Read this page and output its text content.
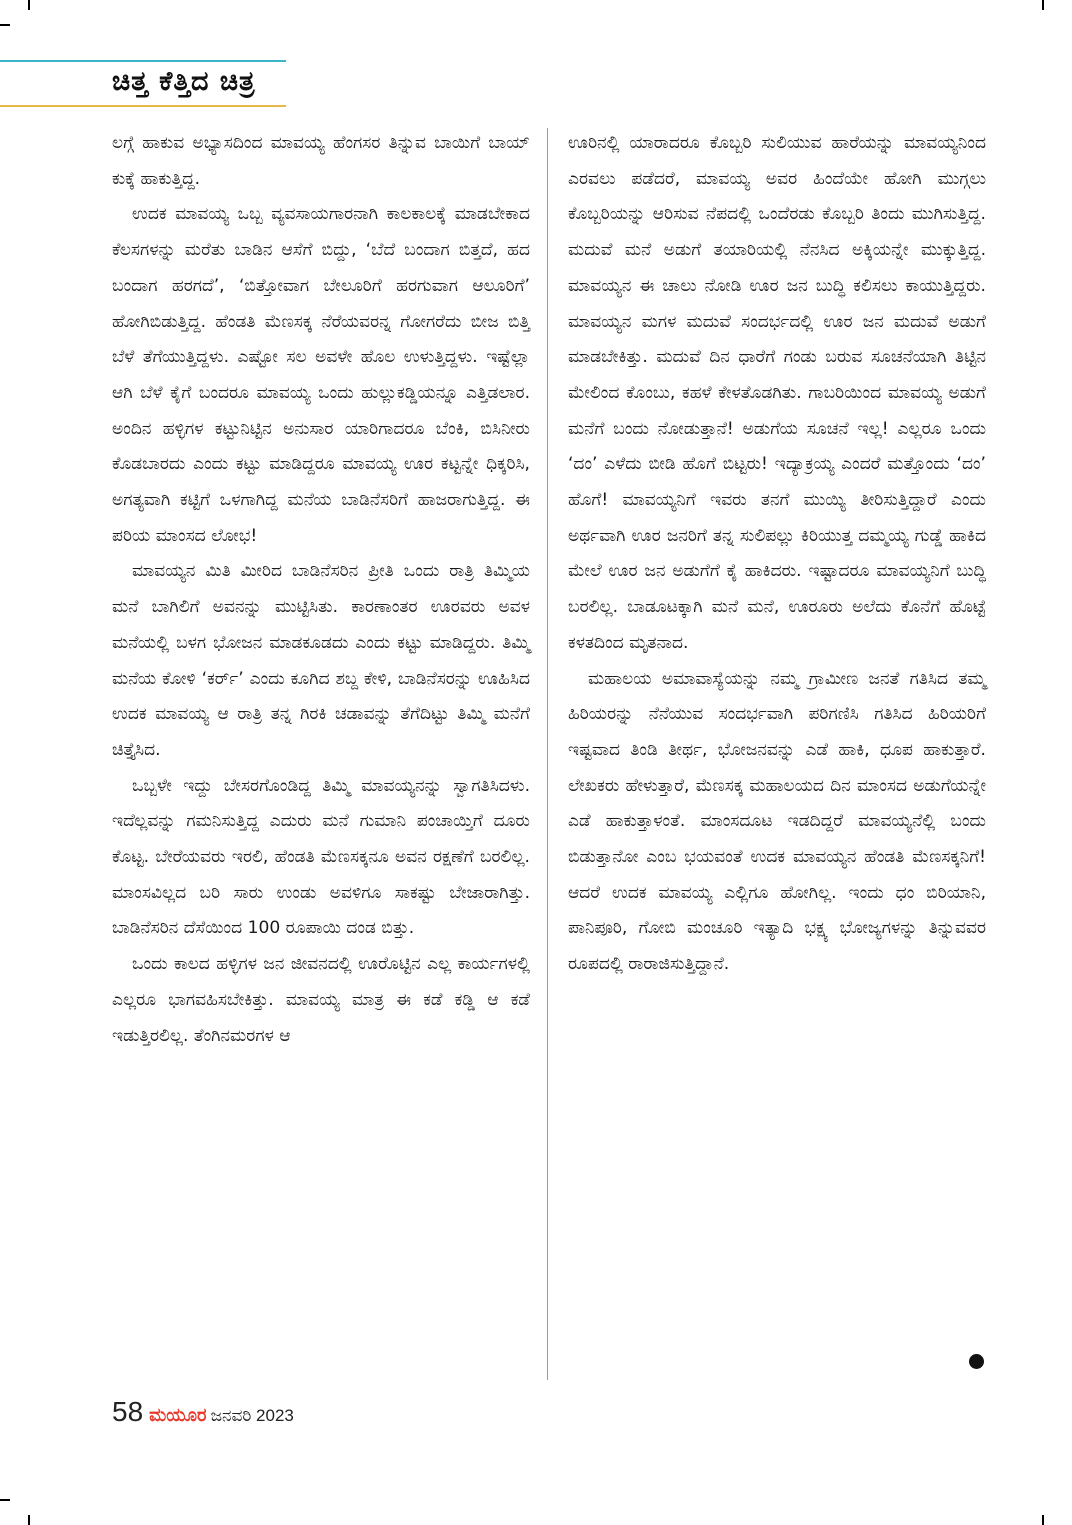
ಚಿತ್ತ ಕೆತ್ತಿದ ಚಿತ್ರ

ಲಗ್ಗೆ ಹಾಕುವ ಅಭ್ಯಾಸದಿಂದ ಮಾವಯ್ಯ ಹೆಂಗಸರ ತಿನ್ನುವ ಬಾಯಿಗೆ ಬಾಯ್ ಕುಕ್ಕೆ ಹಾಕುತ್ತಿದ್ದ.

ಉದಕ ಮಾವಯ್ಯ ಒಬ್ಬ ವ್ಯವಸಾಯಗಾರನಾಗಿ ಕಾಲಕಾಲಕ್ಕೆ ಮಾಡಬೇಕಾದ ಕೆಲಸಗಳನ್ನು ಮರೆತು ಬಾಡಿನ ಆಸೆಗೆ ಬಿದ್ದು, ‘ಬೆದೆ ಬಂದಾಗ ಬಿತ್ತದೆ, ಹದ ಬಂದಾಗ ಹರಗದೆ’, ‘ಬಿತ್ತೋವಾಗ ಬೇಲೂರಿಗೆ ಹರಗುವಾಗ ಆಲೂರಿಗೆ’ ಹೋಗಿಬಿಡುತ್ತಿದ್ದ. ಹೆಂಡತಿ ಮೆಣಸಕ್ಕ ನೆರೆಯವರನ್ನ ಗೋಗರೆದು ಬೀಜ ಬಿತ್ತಿ ಬೆಳೆ ತೆಗೆಯುತ್ತಿದ್ದಳು. ಎಷ್ಟೋ ಸಲ ಅವಳೇ ಹೊಲ ಉಳುತ್ತಿದ್ದಳು. ಇಷ್ಟೆಲ್ಲಾ ಆಗಿ ಬೆಳೆ ಕೈಗೆ ಬಂದರೂ ಮಾವಯ್ಯ ಒಂದು ಹುಲ್ಲುಕಡ್ಡಿಯನ್ನೂ ಎತ್ತಿಡಲಾರ. ಅಂದಿನ ಹಳ್ಳಿಗಳ ಕಟ್ಟುನಿಟ್ಟಿನ ಅನುಸಾರ ಯಾರಿಗಾದರೂ ಬೆಂಕಿ, ಬಿಸಿನೀರು ಕೊಡಬಾರದು ಎಂದು ಕಟ್ಟು ಮಾಡಿದ್ದರೂ ಮಾವಯ್ಯ ಊರ ಕಟ್ಟನ್ನೇ ಧಿಕ್ಕರಿಸಿ, ಅಗತ್ಯವಾಗಿ ಕಟ್ಟಿಗೆ ಒಳಗಾಗಿದ್ದ ಮನೆಯ ಬಾಡಿನೆಸರಿಗೆ ಹಾಜರಾಗುತ್ತಿದ್ದ. ಈ ಪರಿಯ ಮಾಂಸದ ಲೋಭ!

ಮಾವಯ್ಯನ ಮಿತಿ ಮೀರಿದ ಬಾಡಿನೆಸರಿನ ಪ್ರೀತಿ ಒಂದು ರಾತ್ರಿ ತಿಮ್ಮಿಯ ಮನೆ ಬಾಗಿಲಿಗೆ ಅವನನ್ನು ಮುಟ್ಟಿಸಿತು. ಕಾರಣಾಂತರ ಊರವರು ಅವಳ ಮನೆಯಲ್ಲಿ ಬಳಗ ಭೋಜನ ಮಾಡಕೂಡದು ಎಂದು ಕಟ್ಟು ಮಾಡಿದ್ದರು. ತಿಮ್ಮಿ ಮನೆಯ ಕೋಳಿ ‘ಕರ್ರ್’ ಎಂದು ಕೂಗಿದ ಶಬ್ದ ಕೇಳಿ, ಬಾಡಿನೆಸರನ್ನು ಊಹಿಸಿದ ಉದಕ ಮಾವಯ್ಯ ಆ ರಾತ್ರಿ ತನ್ನ ಗಿರಕಿ ಚಡಾವನ್ನು ತೆಗೆದಿಟ್ಟು ತಿಮ್ಮಿ ಮನೆಗೆ ಚಿತ್ತೈಸಿದ.

ಒಬ್ಬಳೇ ಇದ್ದು ಬೇಸರಗೊಂಡಿದ್ದ ತಿಮ್ಮಿ ಮಾವಯ್ಯನನ್ನು ಸ್ವಾಗತಿಸಿದಳು. ಇದೆಲ್ಲವನ್ನು ಗಮನಿಸುತ್ತಿದ್ದ ಎದುರು ಮನೆ ಗುಮಾನಿ ಪಂಚಾಯ್ತಿಗೆ ದೂರು ಕೊಟ್ಟ. ಬೇರೆಯವರು ಇರಲಿ, ಹೆಂಡತಿ ಮೆಣಸಕ್ಕನೂ ಅವನ ರಕ್ಷಣೆಗೆ ಬರಲಿಲ್ಲ. ಮಾಂಸವಿಲ್ಲದ ಬರಿ ಸಾರು ಉಂಡು ಅವಳಿಗೂ ಸಾಕಷ್ಟು ಬೇಜಾರಾಗಿತ್ತು. ಬಾಡಿನೆಸರಿನ ದೆಸೆಯಿಂದ 100 ರೂಪಾಯಿ ದಂಡ ಬಿತ್ತು.

ಒಂದು ಕಾಲದ ಹಳ್ಳಿಗಳ ಜನ ಜೀವನದಲ್ಲಿ ಊರೊಟ್ಟಿನ ಎಲ್ಲ ಕಾರ್ಯಗಳಲ್ಲಿ ಎಲ್ಲರೂ ಭಾಗವಹಿಸಬೇಕಿತ್ತು. ಮಾವಯ್ಯ ಮಾತ್ರ ಈ ಕಡೆ ಕಡ್ಡಿ ಆ ಕಡೆ ಇಡುತ್ತಿರಲಿಲ್ಲ. ತೆಂಗಿನಮರಗಳ ಆ

ಊರಿನಲ್ಲಿ ಯಾರಾದರೂ ಕೊಬ್ಬರಿ ಸುಲಿಯುವ ಹಾರೆಯನ್ನು ಮಾವಯ್ಯನಿಂದ ಎರವಲು ಪಡೆದರೆ, ಮಾವಯ್ಯ ಅವರ ಹಿಂದೆಯೇ ಹೋಗಿ ಮುಗ್ಗಲು ಕೊಬ್ಬರಿಯನ್ನು ಆರಿಸುವ ನೆಪದಲ್ಲಿ ಒಂದೆರಡು ಕೊಬ್ಬರಿ ತಿಂದು ಮುಗಿಸುತ್ತಿದ್ದ. ಮದುವೆ ಮನೆ ಅಡುಗೆ ತಯಾರಿಯಲ್ಲಿ ನೆನಸಿದ ಅಕ್ಕಿಯನ್ನೇ ಮುಕ್ಕುತ್ತಿದ್ದ. ಮಾವಯ್ಯನ ಈ ಚಾಲು ನೋಡಿ ಊರ ಜನ ಬುದ್ಧಿ ಕಲಿಸಲು ಕಾಯುತ್ತಿದ್ದರು. ಮಾವಯ್ಯನ ಮಗಳ ಮದುವೆ ಸಂದರ್ಭದಲ್ಲಿ ಊರ ಜನ ಮದುವೆ ಅಡುಗೆ ಮಾಡಬೇಕಿತ್ತು. ಮದುವೆ ದಿನ ಧಾರೆಗೆ ಗಂಡು ಬರುವ ಸೂಚನೆಯಾಗಿ ತಿಟ್ಟಿನ ಮೇಲಿಂದ ಕೊಂಬು, ಕಹಳೆ ಕೇಳತೊಡಗಿತು. ಗಾಬರಿಯಿಂದ ಮಾವಯ್ಯ ಅಡುಗೆ ಮನೆಗೆ ಬಂದು ನೋಡುತ್ತಾನೆ! ಅಡುಗೆಯ ಸೂಚನೆ ಇಲ್ಲ! ಎಲ್ಲರೂ ಒಂದು ‘ದಂ’ ಎಳೆದು ಬೀಡಿ ಹೊಗೆ ಬಿಟ್ಟರು! ಇದ್ಯಾಕ್ರಯ್ಯ ಎಂದರೆ ಮತ್ತೊಂದು ‘ದಂ’ ಹೊಗೆ! ಮಾವಯ್ಯನಿಗೆ ಇವರು ತನಗೆ ಮುಯ್ಯಿ ತೀರಿಸುತ್ತಿದ್ದಾರೆ ಎಂದು ಅರ್ಥವಾಗಿ ಊರ ಜನರಿಗೆ ತನ್ನ ಸುಲಿಪಲ್ಲು ಕಿರಿಯುತ್ತ ದಮ್ಮಯ್ಯ ಗುಡ್ಡೆ ಹಾಕಿದ ಮೇಲೆ ಊರ ಜನ ಅಡುಗೆಗೆ ಕೈ ಹಾಕಿದರು. ಇಷ್ಟಾದರೂ ಮಾವಯ್ಯನಿಗೆ ಬುದ್ಧಿ ಬರಲಿಲ್ಲ. ಬಾಡೂಟಕ್ಕಾಗಿ ಮನೆ ಮನೆ, ಊರೂರು ಅಲೆದು ಕೊನೆಗೆ ಹೊಟ್ಟೆ ಕಳತದಿಂದ ಮೃತನಾದ.

ಮಹಾಲಯ ಅಮಾವಾಸ್ಯೆಯನ್ನು ನಮ್ಮ ಗ್ರಾಮೀಣ ಜನತೆ ಗತಿಸಿದ ತಮ್ಮ ಹಿರಿಯರನ್ನು ನೆನೆಯುವ ಸಂದರ್ಭವಾಗಿ ಪರಿಗಣಿಸಿ ಗತಿಸಿದ ಹಿರಿಯರಿಗೆ ಇಷ್ಟವಾದ ತಿಂಡಿ ತೀರ್ಥ, ಭೋಜನವನ್ನು ಎಡೆ ಹಾಕಿ, ಧೂಪ ಹಾಕುತ್ತಾರೆ. ಲೇಖಕರು ಹೇಳುತ್ತಾರೆ, ಮೆಣಸಕ್ಕ ಮಹಾಲಯದ ದಿನ ಮಾಂಸದ ಅಡುಗೆಯನ್ನೇ ಎಡೆ ಹಾಕುತ್ತಾಳಂತೆ. ಮಾಂಸದೂಟ ಇಡದಿದ್ದರೆ ಮಾವಯ್ಯನೆಲ್ಲಿ ಬಂದು ಬಿಡುತ್ತಾನೋ ಎಂಬ ಭಯವಂತೆ ಉದಕ ಮಾವಯ್ಯನ ಹೆಂಡತಿ ಮೆಣಸಕ್ಕನಿಗೆ! ಆದರೆ ಉದಕ ಮಾವಯ್ಯ ಎಲ್ಲಿಗೂ ಹೋಗಿಲ್ಲ. ಇಂದು ಧಂ ಬಿರಿಯಾನಿ, ಪಾನಿಪೂರಿ, ಗೋಬಿ ಮಂಚೂರಿ ಇತ್ಯಾದಿ ಭಕ್ಷ್ಯ ಭೋಜ್ಯಗಳನ್ನು ತಿನ್ನುವವರ ರೂಪದಲ್ಲಿ ರಾರಾಜಿಸುತ್ತಿದ್ದಾನೆ.

58 ಮಯೂರ ಜನವರಿ 2023
